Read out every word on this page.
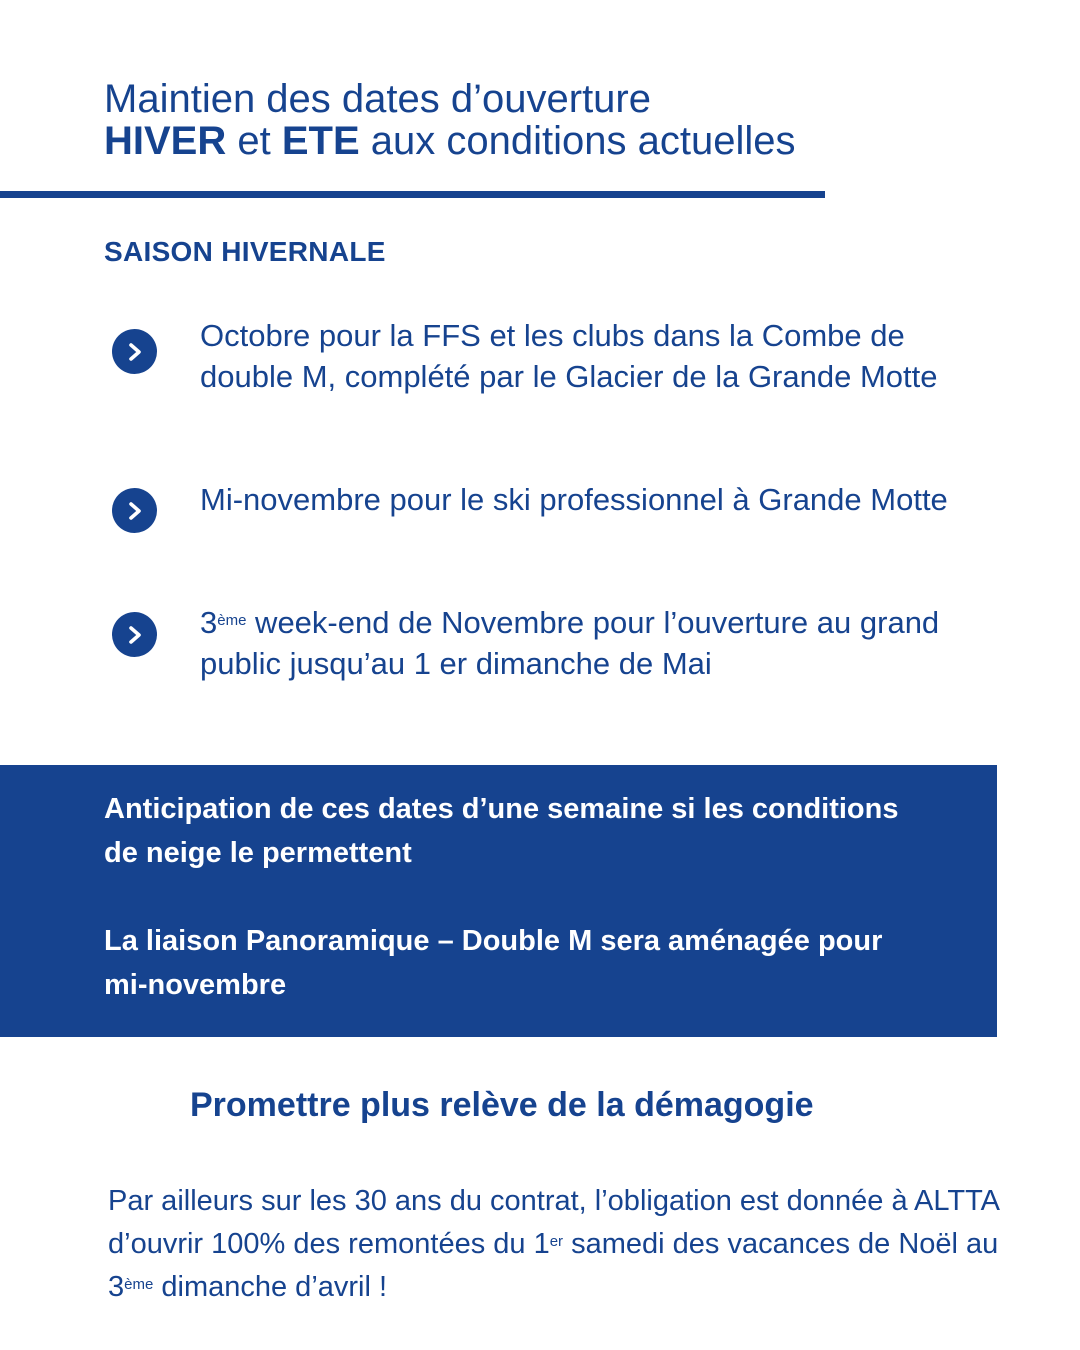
Maintien des dates d’ouverture
HIVER et ETE aux conditions actuelles
SAISON HIVERNALE
Octobre pour la FFS et les clubs dans la Combe de double M, complété par le Glacier de la Grande Motte
Mi-novembre pour le ski professionnel à Grande Motte
3ème week-end de Novembre pour l’ouverture au grand public jusqu’au 1 er dimanche de Mai

Anticipation de ces dates d’une semaine si les conditions de neige le permettent

La liaison Panoramique – Double M sera aménagée pour mi-novembre

Promettre plus relève de la démagogie
Par ailleurs sur les 30 ans du contrat, l’obligation est donnée à ALTTA d’ouvrir 100% des remontées du 1er samedi des vacances de Noël au 3ème dimanche d’avril !
